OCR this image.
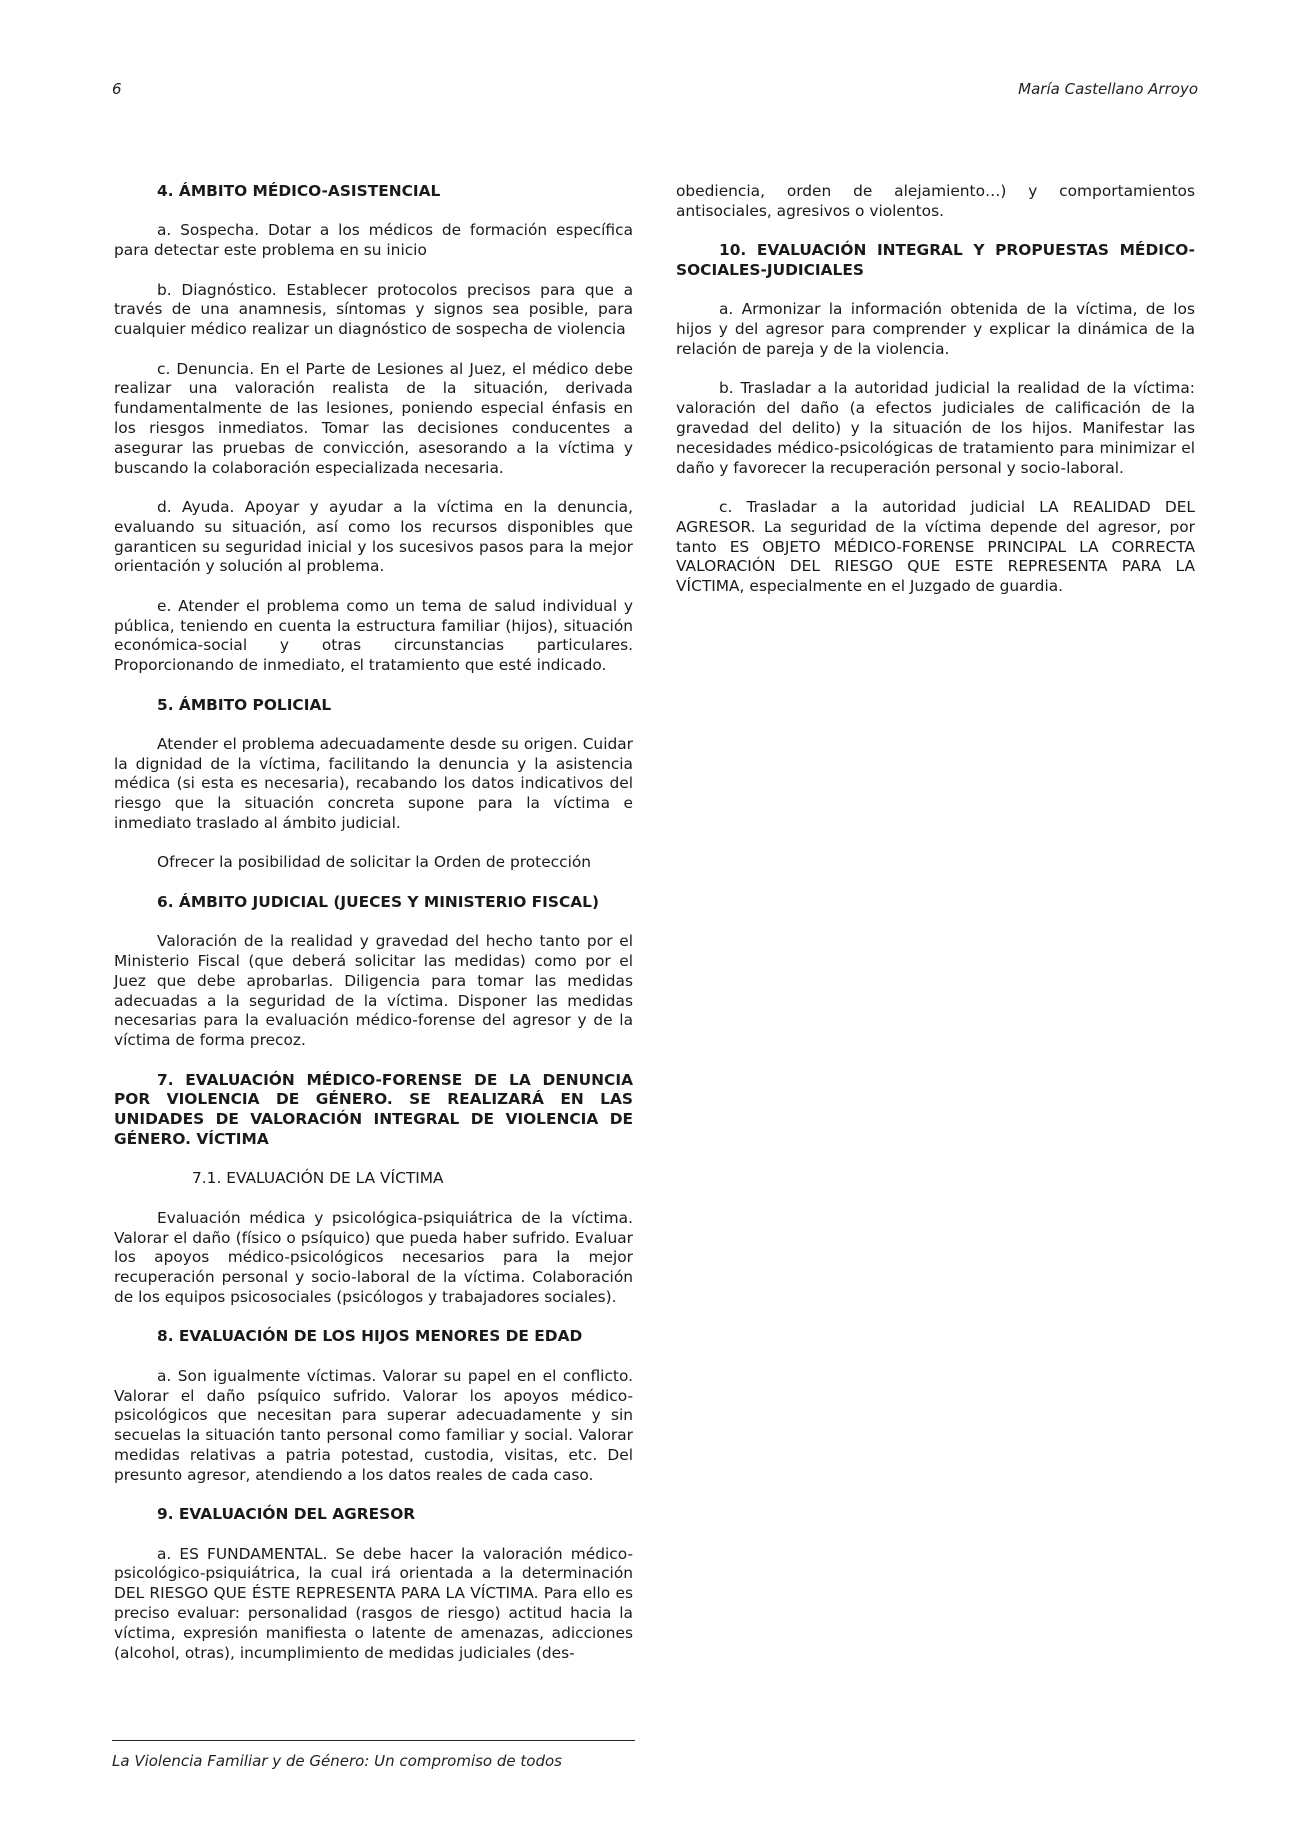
6	María Castellano Arroyo
4. ÁMBITO MÉDICO-ASISTENCIAL

a. Sospecha. Dotar a los médicos de formación específica para detectar este problema en su inicio

b. Diagnóstico. Establecer protocolos precisos para que a través de una anamnesis, síntomas y signos sea posible, para cualquier médico realizar un diagnóstico de sospecha de violencia

c. Denuncia. En el Parte de Lesiones al Juez, el médico debe realizar una valoración realista de la situación, derivada fundamentalmente de las lesiones, poniendo especial énfasis en los riesgos inmediatos. Tomar las decisiones conducentes a asegurar las pruebas de convicción, asesorando a la víctima y buscando la colaboración especializada necesaria.

d. Ayuda. Apoyar y ayudar a la víctima en la denuncia, evaluando su situación, así como los recursos disponibles que garanticen su seguridad inicial y los sucesivos pasos para la mejor orientación y solución al problema.

e. Atender el problema como un tema de salud individual y pública, teniendo en cuenta la estructura familiar (hijos), situación económica-social y otras circunstancias particulares. Proporcionando de inmediato, el tratamiento que esté indicado.

5. ÁMBITO POLICIAL

Atender el problema adecuadamente desde su origen. Cuidar la dignidad de la víctima, facilitando la denuncia y la asistencia médica (si esta es necesaria), recabando los datos indicativos del riesgo que la situación concreta supone para la víctima e inmediato traslado al ámbito judicial.

Ofrecer la posibilidad de solicitar la Orden de protección

6. ÁMBITO JUDICIAL (JUECES Y MINISTERIO FISCAL)

Valoración de la realidad y gravedad del hecho tanto por el Ministerio Fiscal (que deberá solicitar las medidas) como por el Juez que debe aprobarlas. Diligencia para tomar las medidas adecuadas a la seguridad de la víctima. Disponer las medidas necesarias para la evaluación médico-forense del agresor y de la víctima de forma precoz.

7. EVALUACIÓN MÉDICO-FORENSE DE LA DENUNCIA POR VIOLENCIA DE GÉNERO. SE REALIZARÁ EN LAS UNIDADES DE VALORACIÓN INTEGRAL DE VIOLENCIA DE GÉNERO. VÍCTIMA
7.1. EVALUACIÓN DE LA VÍCTIMA

Evaluación médica y psicológica-psiquiátrica de la víctima. Valorar el daño (físico o psíquico) que pueda haber sufrido. Evaluar los apoyos médico-psicológicos necesarios para la mejor recuperación personal y socio-laboral de la víctima. Colaboración de los equipos psicosociales (psicólogos y trabajadores sociales).

8. EVALUACIÓN DE LOS HIJOS MENORES DE EDAD

a. Son igualmente víctimas. Valorar su papel en el conflicto. Valorar el daño psíquico sufrido. Valorar los apoyos médico-psicológicos que necesitan para superar adecuadamente y sin secuelas la situación tanto personal como familiar y social. Valorar medidas relativas a patria potestad, custodia, visitas, etc. Del presunto agresor, atendiendo a los datos reales de cada caso.

9. EVALUACIÓN DEL AGRESOR

a. ES FUNDAMENTAL. Se debe hacer la valoración médico-psicológico-psiquiátrica, la cual irá orientada a la determinación DEL RIESGO QUE ÉSTE REPRESENTA PARA LA VÍCTIMA. Para ello es preciso evaluar: personalidad (rasgos de riesgo) actitud hacia la víctima, expresión manifiesta o latente de amenazas, adicciones (alcohol, otras), incumplimiento de medidas judiciales (des-

obediencia, orden de alejamiento…) y comportamientos antisociales, agresivos o violentos.

10. EVALUACIÓN INTEGRAL Y PROPUESTAS MÉDICO-SOCIALES-JUDICIALES

a. Armonizar la información obtenida de la víctima, de los hijos y del agresor para comprender y explicar la dinámica de la relación de pareja y de la violencia.

b. Trasladar a la autoridad judicial la realidad de la víctima: valoración del daño (a efectos judiciales de calificación de la gravedad del delito) y la situación de los hijos. Manifestar las necesidades médico-psicológicas de tratamiento para minimizar el daño y favorecer la recuperación personal y socio-laboral.

c. Trasladar a la autoridad judicial LA REALIDAD DEL AGRESOR. La seguridad de la víctima depende del agresor, por tanto ES OBJETO MÉDICO-FORENSE PRINCIPAL LA CORRECTA VALORACIÓN DEL RIESGO QUE ESTE REPRESENTA PARA LA VÍCTIMA, especialmente en el Juzgado de guardia.

La Violencia Familiar y de Género: Un compromiso de todos
